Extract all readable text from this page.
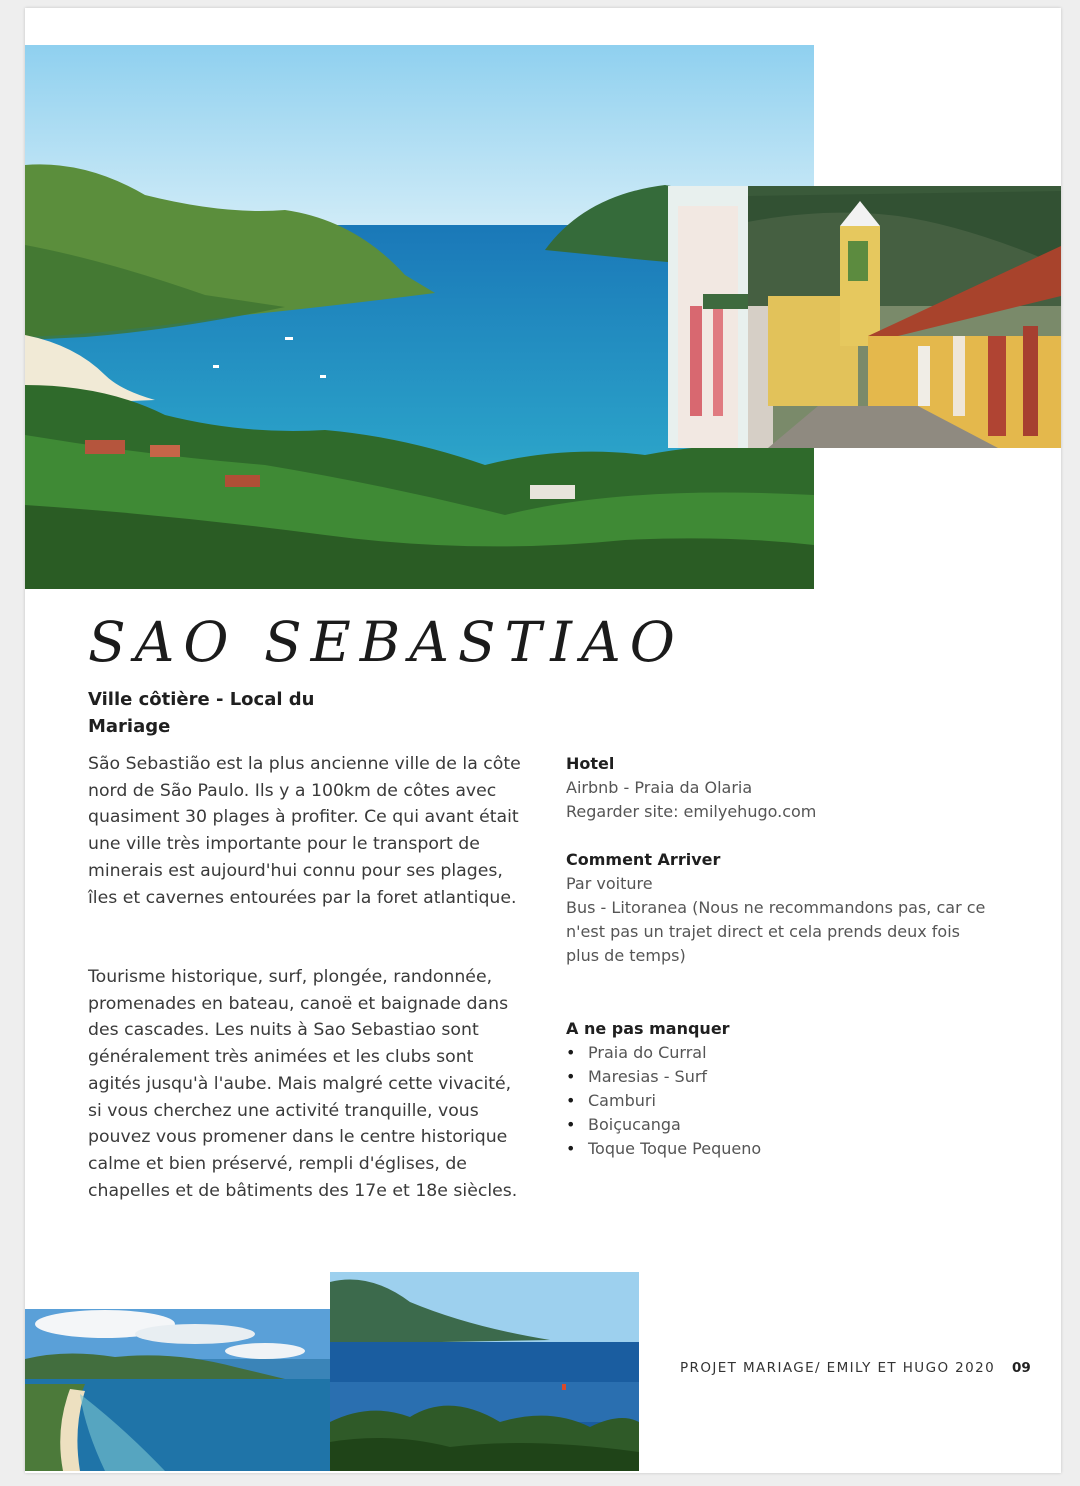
SAO SEBASTIAO
Ville côtière - Local du Mariage

São Sebastião est la plus ancienne ville de la côte nord de São Paulo. Ils y a 100km de côtes avec quasiment 30 plages à profiter. Ce qui avant était une ville très importante pour le transport de minerais est aujourd'hui connu pour ses plages, îles et cavernes entourées par la foret atlantique.

Tourisme historique, surf, plongée, randonnée, promenades en bateau, canoë et baignade dans des cascades. Les nuits à Sao Sebastiao sont généralement très animées et les clubs sont agités jusqu'à l'aube. Mais malgré cette vivacité, si vous cherchez une activité tranquille, vous pouvez vous promener dans le centre historique calme et bien préservé, rempli d'églises, de chapelles et de bâtiments des 17e et 18e siècles.

Hotel

Airbnb - Praia da Olaria

Regarder site: emilyehugo.com

Comment Arriver

Par voiture

Bus - Litoranea (Nous ne recommandons pas, car ce n'est pas un trajet direct et cela prends deux fois plus de temps)

A ne pas manquer
• Praia do Curral
• Maresias - Surf
• Camburi
• Boiçucanga
• Toque Toque Pequeno
PROJET MARIAGE/ EMILY ET HUGO 2020 09
